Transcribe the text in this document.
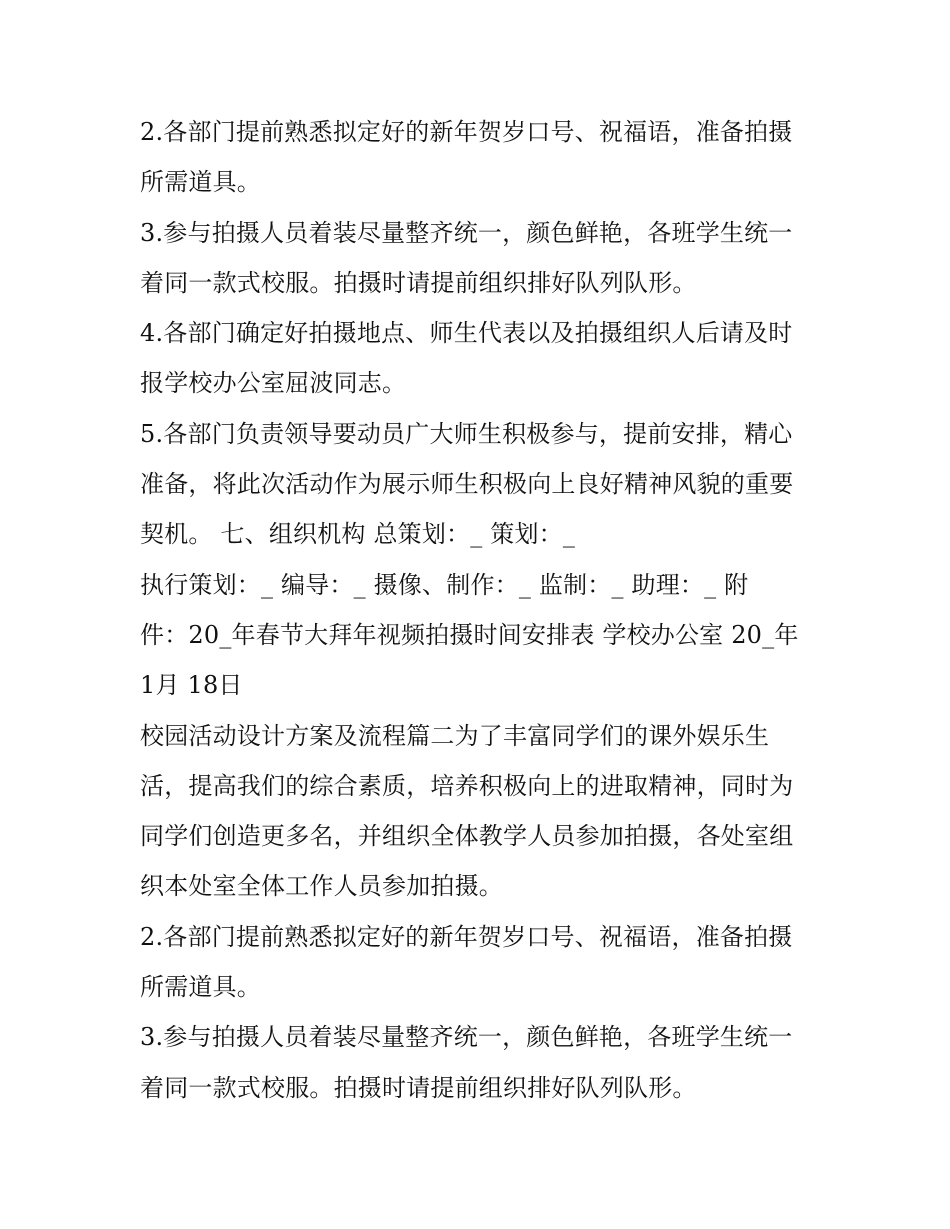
2.各部门提前熟悉拟定好的新年贺岁口号、祝福语，准备拍摄
所需道具。
3.参与拍摄人员着装尽量整齐统一，颜色鲜艳，各班学生统一
着同一款式校服。拍摄时请提前组织排好队列队形。
4.各部门确定好拍摄地点、师生代表以及拍摄组织人后请及时
报学校办公室屈波同志。
5.各部门负责领导要动员广大师生积极参与，提前安排，精心
准备，将此次活动作为展示师生积极向上良好精神风貌的重要
契机。 七、组织机构 总策划：_ 策划：_
执行策划：_ 编导：_ 摄像、制作：_ 监制：_ 助理：_ 附
件：20_年春节大拜年视频拍摄时间安排表 学校办公室 20_年
1月 18日
校园活动设计方案及流程篇二为了丰富同学们的课外娱乐生
活，提高我们的综合素质，培养积极向上的进取精神，同时为
同学们创造更多名，并组织全体教学人员参加拍摄，各处室组
织本处室全体工作人员参加拍摄。
2.各部门提前熟悉拟定好的新年贺岁口号、祝福语，准备拍摄
所需道具。
3.参与拍摄人员着装尽量整齐统一，颜色鲜艳，各班学生统一
着同一款式校服。拍摄时请提前组织排好队列队形。
